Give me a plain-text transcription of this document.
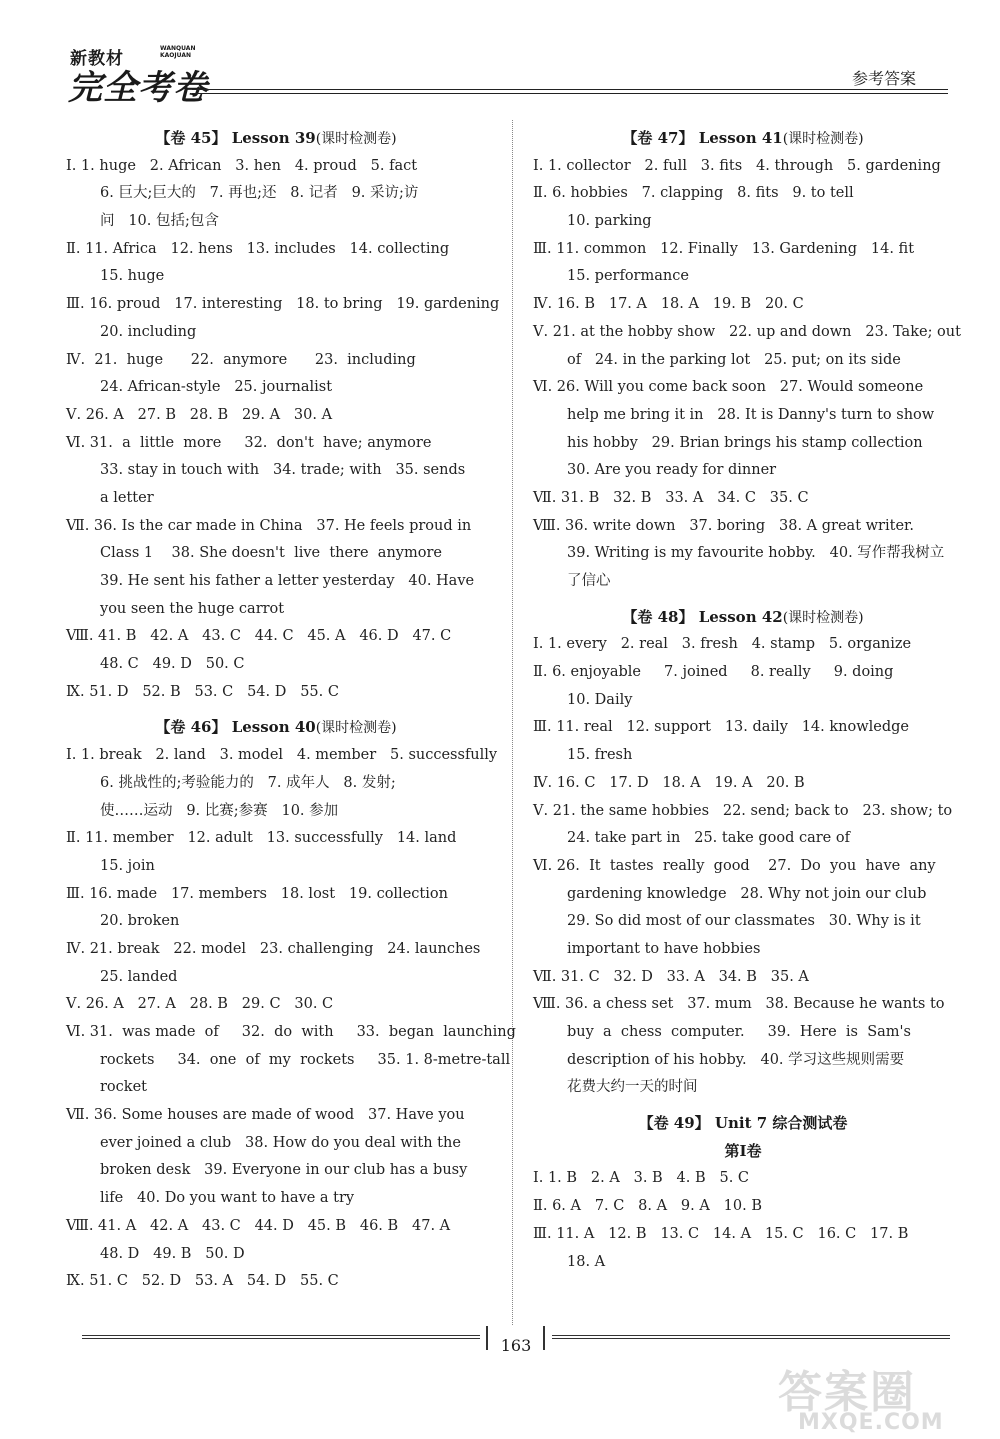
新教材
WANQUAN
KAOJUAN
完全考卷	参考答案
【卷 45】 Lesson 39(课时检测卷)
Ⅰ. 1. huge   2. African   3. hen   4. proud   5. fact
6. 巨大;巨大的   7. 再也;还   8. 记者   9. 采访;访
问   10. 包括;包含
Ⅱ. 11. Africa   12. hens   13. includes   14. collecting
15. huge
Ⅲ. 16. proud   17. interesting   18. to bring   19. gardening
20. including
Ⅳ.  21.  huge      22.  anymore      23.  including
24. African-style   25. journalist
Ⅴ. 26. A   27. B   28. B   29. A   30. A
Ⅵ. 31.  a  little  more     32.  don't  have; anymore
33. stay in touch with   34. trade; with   35. sends
a letter
Ⅶ. 36. Is the car made in China   37. He feels proud in
Class 1    38. She doesn't  live  there  anymore
39. He sent his father a letter yesterday   40. Have
you seen the huge carrot
Ⅷ. 41. B   42. A   43. C   44. C   45. A   46. D   47. C
48. C   49. D   50. C
Ⅸ. 51. D   52. B   53. C   54. D   55. C
【卷 46】 Lesson 40(课时检测卷)
Ⅰ. 1. break   2. land   3. model   4. member   5. successfully
6. 挑战性的;考验能力的   7. 成年人   8. 发射;
使……运动   9. 比赛;参赛   10. 参加
Ⅱ. 11. member   12. adult   13. successfully   14. land
15. join
Ⅲ. 16. made   17. members   18. lost   19. collection
20. broken
Ⅳ. 21. break   22. model   23. challenging   24. launches
25. landed
Ⅴ. 26. A   27. A   28. B   29. C   30. C
Ⅵ. 31.  was made  of     32.  do  with     33.  began  launching
rockets     34.  one  of  my  rockets     35. 1. 8-metre-tall
rocket
Ⅶ. 36. Some houses are made of wood   37. Have you
ever joined a club   38. How do you deal with the
broken desk   39. Everyone in our club has a busy
life   40. Do you want to have a try
Ⅷ. 41. A   42. A   43. C   44. D   45. B   46. B   47. A
48. D   49. B   50. D
Ⅸ. 51. C   52. D   53. A   54. D   55. C
【卷 47】 Lesson 41(课时检测卷)
Ⅰ. 1. collector   2. full   3. fits   4. through   5. gardening
Ⅱ. 6. hobbies   7. clapping   8. fits   9. to tell
10. parking
Ⅲ. 11. common   12. Finally   13. Gardening   14. fit
15. performance
Ⅳ. 16. B   17. A   18. A   19. B   20. C
Ⅴ. 21. at the hobby show   22. up and down   23. Take; out
of   24. in the parking lot   25. put; on its side
Ⅵ. 26. Will you come back soon   27. Would someone
help me bring it in   28. It is Danny's turn to show
his hobby   29. Brian brings his stamp collection
30. Are you ready for dinner
Ⅶ. 31. B   32. B   33. A   34. C   35. C
Ⅷ. 36. write down   37. boring   38. A great writer.
39. Writing is my favourite hobby.   40. 写作帮我树立
了信心
【卷 48】 Lesson 42(课时检测卷)
Ⅰ. 1. every   2. real   3. fresh   4. stamp   5. organize
Ⅱ. 6. enjoyable     7. joined     8. really     9. doing
10. Daily
Ⅲ. 11. real   12. support   13. daily   14. knowledge
15. fresh
Ⅳ. 16. C   17. D   18. A   19. A   20. B
Ⅴ. 21. the same hobbies   22. send; back to   23. show; to
24. take part in   25. take good care of
Ⅵ. 26.  It  tastes  really  good    27.  Do  you  have  any
gardening knowledge   28. Why not join our club
29. So did most of our classmates   30. Why is it
important to have hobbies
Ⅶ. 31. C   32. D   33. A   34. B   35. A
Ⅷ. 36. a chess set   37. mum   38. Because he wants to
buy  a  chess  computer.     39.  Here  is  Sam's
description of his hobby.   40. 学习这些规则需要
花费大约一天的时间
【卷 49】 Unit 7 综合测试卷
第Ⅰ卷
Ⅰ. 1. B   2. A   3. B   4. B   5. C
Ⅱ. 6. A   7. C   8. A   9. A   10. B
Ⅲ. 11. A   12. B   13. C   14. A   15. C   16. C   17. B
18. A
163
答案圈
MXQE.COM
